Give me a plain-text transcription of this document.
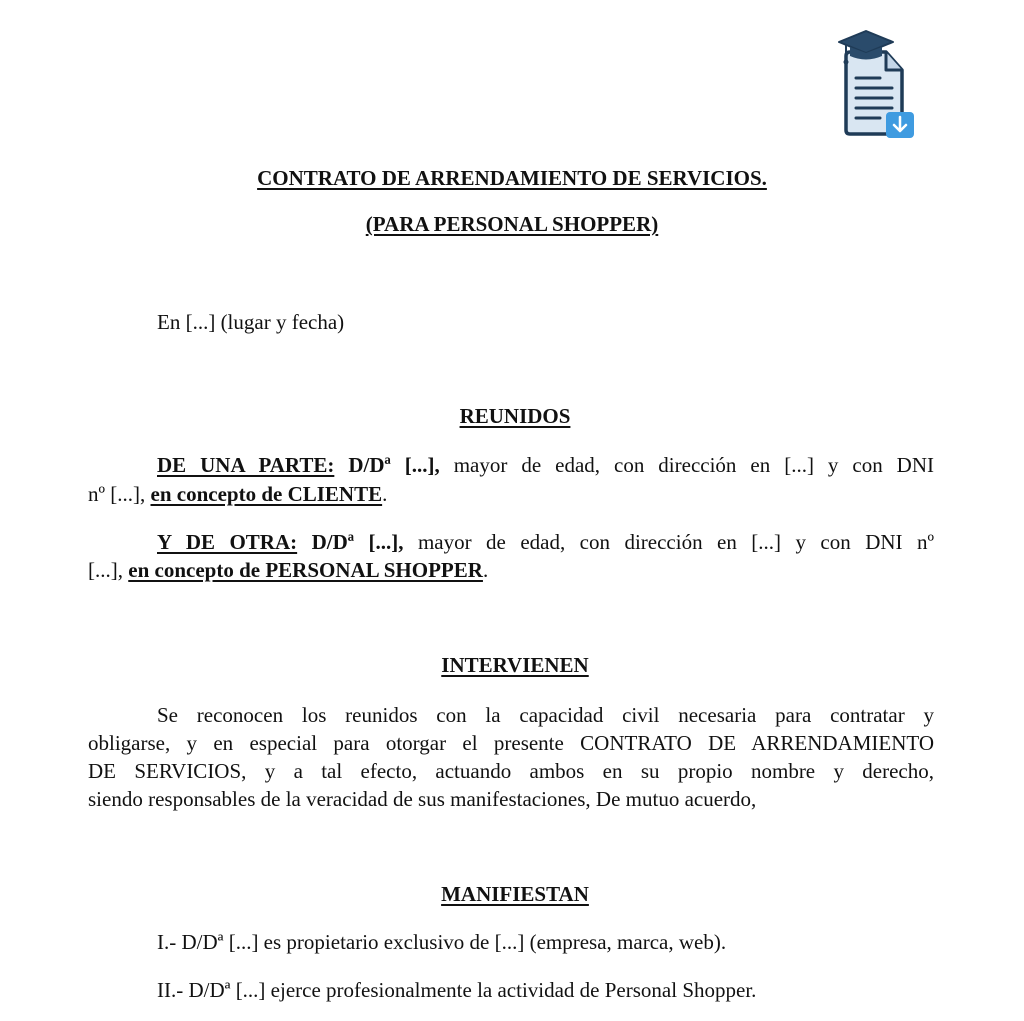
CONTRATO DE ARRENDAMIENTO DE SERVICIOS.
(PARA PERSONAL SHOPPER)
En [...] (lugar y fecha)
REUNIDOS
DE UNA PARTE: D/Dª [...], mayor de edad, con dirección en [...] y con DNI
nº [...], en concepto de CLIENTE.
Y DE OTRA: D/Dª [...], mayor de edad, con dirección en [...] y con DNI nº
[...], en concepto de PERSONAL SHOPPER.
INTERVIENEN
Se reconocen los reunidos con la capacidad civil necesaria para contratar y
obligarse, y en especial para otorgar el presente CONTRATO DE ARRENDAMIENTO
DE SERVICIOS, y a tal efecto, actuando ambos en su propio nombre y derecho,
siendo responsables de la veracidad de sus manifestaciones, De mutuo acuerdo,
MANIFIESTAN
I.- D/Dª [...] es propietario exclusivo de [...] (empresa, marca, web).
II.- D/Dª [...] ejerce profesionalmente la actividad de Personal Shopper.
